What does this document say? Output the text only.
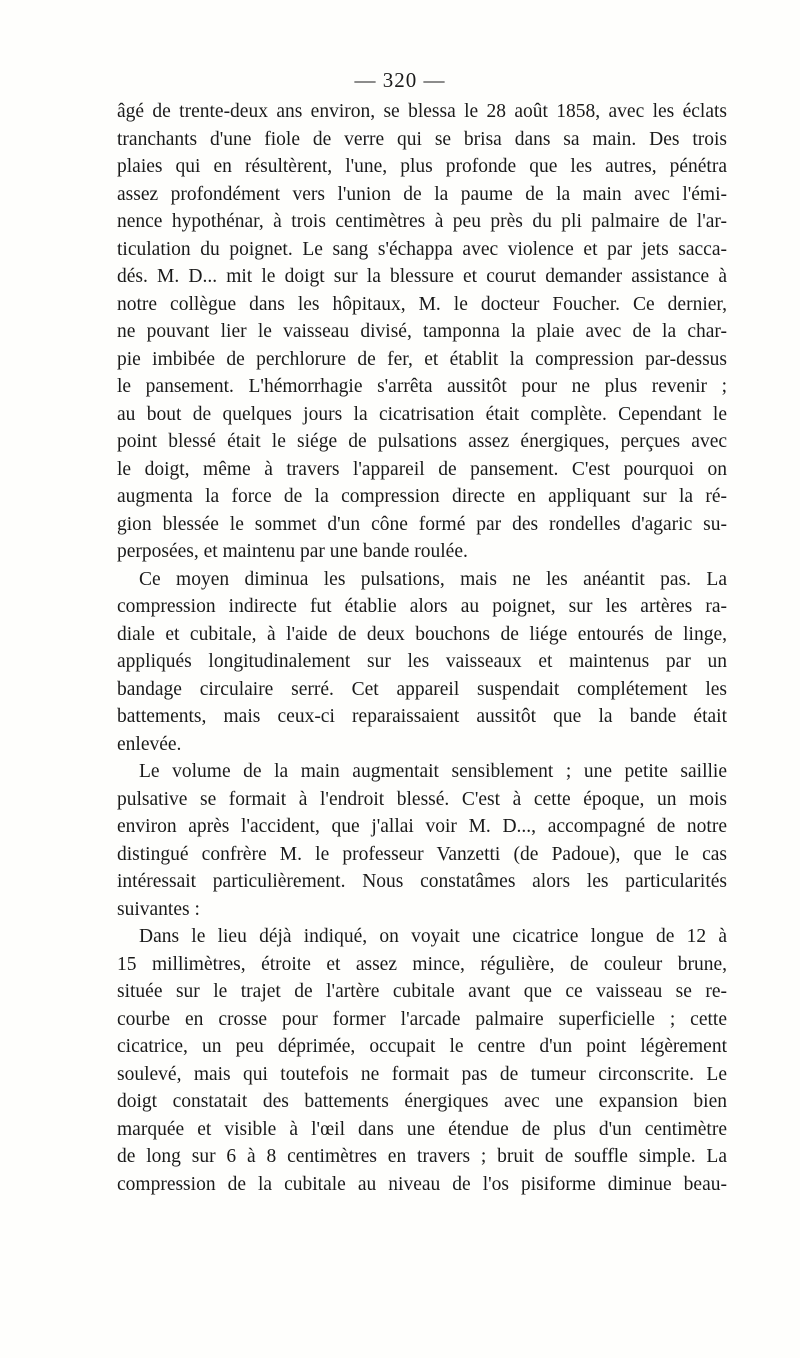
— 320 —
âgé de trente-deux ans environ, se blessa le 28 août 1858, avec les éclats
tranchants d'une fiole de verre qui se brisa dans sa main. Des trois
plaies qui en résultèrent, l'une, plus profonde que les autres, pénétra
assez profondément vers l'union de la paume de la main avec l'émi-
nence hypothénar, à trois centimètres à peu près du pli palmaire de l'ar-
ticulation du poignet. Le sang s'échappa avec violence et par jets sacca-
dés. M. D... mit le doigt sur la blessure et courut demander assistance à
notre collègue dans les hôpitaux, M. le docteur Foucher. Ce dernier,
ne pouvant lier le vaisseau divisé, tamponna la plaie avec de la char-
pie imbibée de perchlorure de fer, et établit la compression par-dessus
le pansement. L'hémorrhagie s'arrêta aussitôt pour ne plus revenir ;
au bout de quelques jours la cicatrisation était complète. Cependant le
point blessé était le siége de pulsations assez énergiques, perçues avec
le doigt, même à travers l'appareil de pansement. C'est pourquoi on
augmenta la force de la compression directe en appliquant sur la ré-
gion blessée le sommet d'un cône formé par des rondelles d'agaric su-
perposées, et maintenu par une bande roulée.
Ce moyen diminua les pulsations, mais ne les anéantit pas. La
compression indirecte fut établie alors au poignet, sur les artères ra-
diale et cubitale, à l'aide de deux bouchons de liége entourés de linge,
appliqués longitudinalement sur les vaisseaux et maintenus par un
bandage circulaire serré. Cet appareil suspendait complétement les
battements, mais ceux-ci reparaissaient aussitôt que la bande était
enlevée.
Le volume de la main augmentait sensiblement ; une petite saillie
pulsative se formait à l'endroit blessé. C'est à cette époque, un mois
environ après l'accident, que j'allai voir M. D..., accompagné de notre
distingué confrère M. le professeur Vanzetti (de Padoue), que le cas
intéressait particulièrement. Nous constatâmes alors les particularités
suivantes :
Dans le lieu déjà indiqué, on voyait une cicatrice longue de 12 à
15 millimètres, étroite et assez mince, régulière, de couleur brune,
située sur le trajet de l'artère cubitale avant que ce vaisseau se re-
courbe en crosse pour former l'arcade palmaire superficielle ; cette
cicatrice, un peu déprimée, occupait le centre d'un point légèrement
soulevé, mais qui toutefois ne formait pas de tumeur circonscrite. Le
doigt constatait des battements énergiques avec une expansion bien
marquée et visible à l'œil dans une étendue de plus d'un centimètre
de long sur 6 à 8 centimètres en travers ; bruit de souffle simple. La
compression de la cubitale au niveau de l'os pisiforme diminue beau-
